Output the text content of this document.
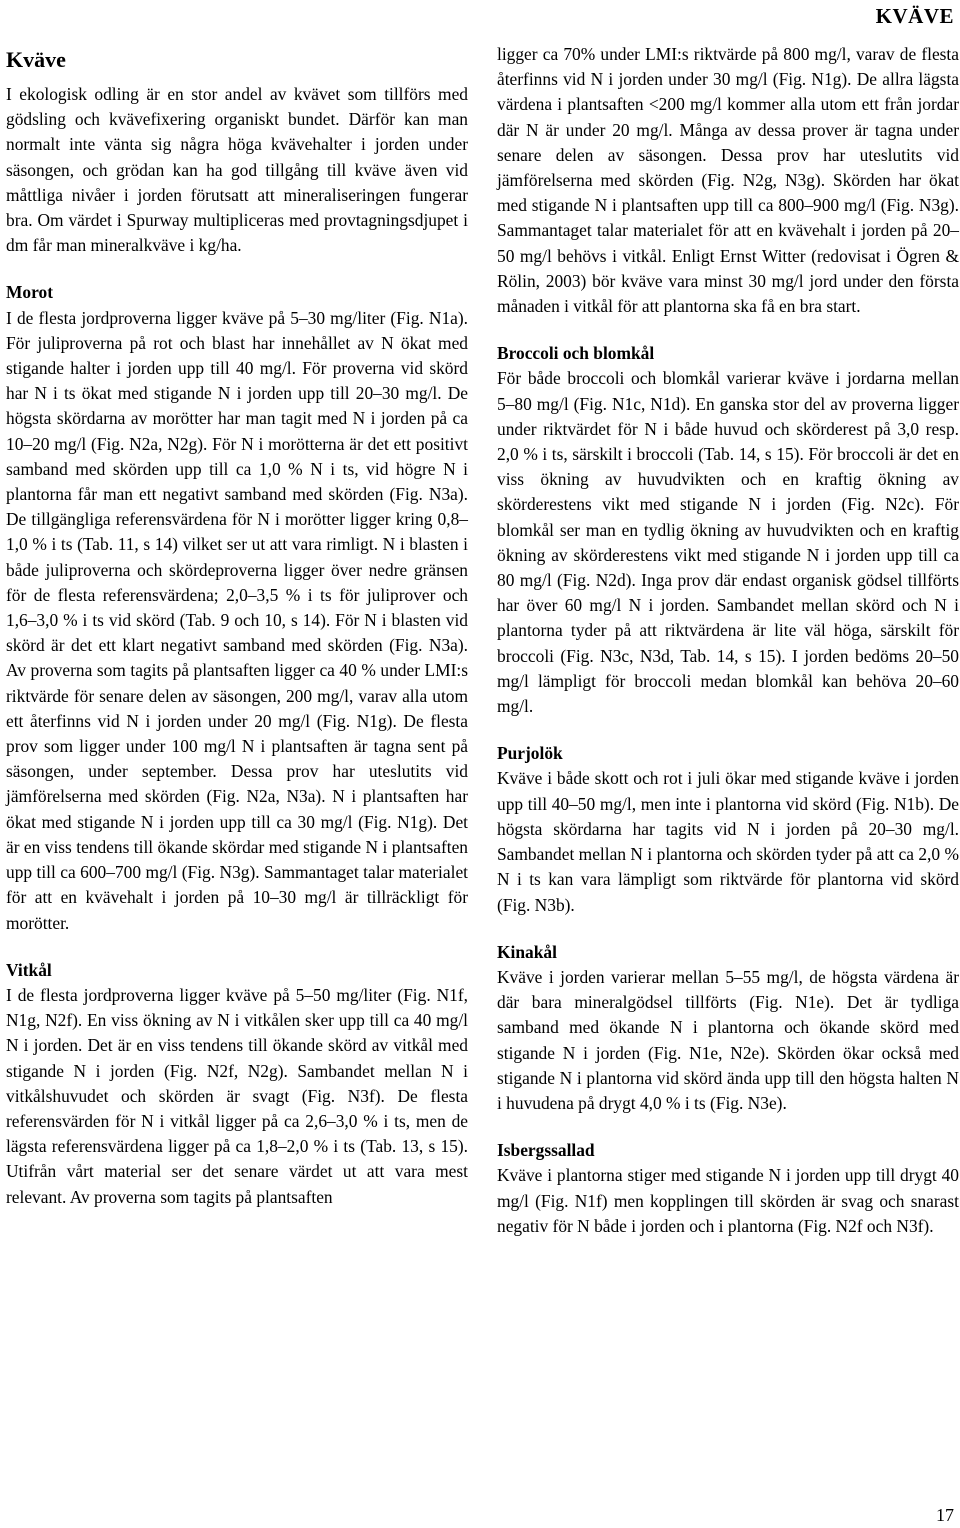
KVÄVE
Kväve

I ekologisk odling är en stor andel av kvävet som tillförs med gödsling och kvävefixering organiskt bundet. Därför kan man normalt inte vänta sig några höga kvävehalter i jorden under säsongen, och grödan kan ha god tillgång till kväve även vid måttliga nivåer i jorden förutsatt att mineraliseringen fungerar bra. Om värdet i Spurway multipliceras med provtagningsdjupet i dm får man mineralkväve i kg/ha.

Morot

I de flesta jordproverna ligger kväve på 5–30 mg/liter (Fig. N1a). För juliproverna på rot och blast har innehållet av N ökat med stigande halter i jorden upp till 40 mg/l. För proverna vid skörd har N i ts ökat med stigande N i jorden upp till 20–30 mg/l. De högsta skördarna av morötter har man tagit med N i jorden på ca 10–20 mg/l (Fig. N2a, N2g). För N i morötterna är det ett positivt samband med skörden upp till ca 1,0 % N i ts, vid högre N i plantorna får man ett negativt samband med skörden (Fig. N3a). De tillgängliga referensvärdena för N i morötter ligger kring 0,8–1,0 % i ts (Tab. 11, s 14) vilket ser ut att vara rimligt. N i blasten i både juliproverna och skördeproverna ligger över nedre gränsen för de flesta referensvärdena; 2,0–3,5 % i ts för juliprover och 1,6–3,0 % i ts vid skörd (Tab. 9 och 10, s 14). För N i blasten vid skörd är det ett klart negativt samband med skörden (Fig. N3a). Av proverna som tagits på plantsaften ligger ca 40 % under LMI:s riktvärde för senare delen av säsongen, 200 mg/l, varav alla utom ett återfinns vid N i jorden under 20 mg/l (Fig. N1g). De flesta prov som ligger under 100 mg/l N i plantsaften är tagna sent på säsongen, under september. Dessa prov har uteslutits vid jämförelserna med skörden (Fig. N2a, N3a). N i plantsaften har ökat med stigande N i jorden upp till ca 30 mg/l (Fig. N1g). Det är en viss tendens till ökande skördar med stigande N i plantsaften upp till ca 600–700 mg/l (Fig. N3g). Sammantaget talar materialet för att en kvävehalt i jorden på 10–30 mg/l är tillräckligt för morötter.

Vitkål

I de flesta jordproverna ligger kväve på 5–50 mg/liter (Fig. N1f, N1g, N2f). En viss ökning av N i vitkålen sker upp till ca 40 mg/l N i jorden. Det är en viss tendens till ökande skörd av vitkål med stigande N i jorden (Fig. N2f, N2g). Sambandet mellan N i vitkålshuvudet och skörden är svagt (Fig. N3f). De flesta referensvärden för N i vitkål ligger på ca 2,6–3,0 % i ts, men de lägsta referensvärdena ligger på ca 1,8–2,0 % i ts (Tab. 13, s 15). Utifrån vårt material ser det senare värdet ut att vara mest relevant. Av proverna som tagits på plantsaften

ligger ca 70% under LMI:s riktvärde på 800 mg/l, varav de flesta återfinns vid N i jorden under 30 mg/l (Fig. N1g). De allra lägsta värdena i plantsaften <200 mg/l kommer alla utom ett från jordar där N är under 20 mg/l. Många av dessa prover är tagna under senare delen av säsongen. Dessa prov har uteslutits vid jämförelserna med skörden (Fig. N2g, N3g). Skörden har ökat med stigande N i plantsaften upp till ca 800–900 mg/l (Fig. N3g). Sammantaget talar materialet för att en kvävehalt i jorden på 20–50 mg/l behövs i vitkål. Enligt Ernst Witter (redovisat i Ögren & Rölin, 2003) bör kväve vara minst 30 mg/l jord under den första månaden i vitkål för att plantorna ska få en bra start.

Broccoli och blomkål

För både broccoli och blomkål varierar kväve i jordarna mellan 5–80 mg/l (Fig. N1c, N1d). En ganska stor del av proverna ligger under riktvärdet för N i både huvud och skörderest på 3,0 resp. 2,0 % i ts, särskilt i broccoli (Tab. 14, s 15). För broccoli är det en viss ökning av huvudvikten och en kraftig ökning av skörderestens vikt med stigande N i jorden (Fig. N2c). För blomkål ser man en tydlig ökning av huvudvikten och en kraftig ökning av skörderestens vikt med stigande N i jorden upp till ca 80 mg/l (Fig. N2d). Inga prov där endast organisk gödsel tillförts har över 60 mg/l N i jorden. Sambandet mellan skörd och N i plantorna tyder på att riktvärdena är lite väl höga, särskilt för broccoli (Fig. N3c, N3d, Tab. 14, s 15). I jorden bedöms 20–50 mg/l lämpligt för broccoli medan blomkål kan behöva 20–60 mg/l.

Purjolök

Kväve i både skott och rot i juli ökar med stigande kväve i jorden upp till 40–50 mg/l, men inte i plantorna vid skörd (Fig. N1b). De högsta skördarna har tagits vid N i jorden på 20–30 mg/l. Sambandet mellan N i plantorna och skörden tyder på att ca 2,0 % N i ts kan vara lämpligt som riktvärde för plantorna vid skörd (Fig. N3b).

Kinakål

Kväve i jorden varierar mellan 5–55 mg/l, de högsta värdena är där bara mineralgödsel tillförts (Fig. N1e). Det är tydliga samband med ökande N i plantorna och ökande skörd med stigande N i jorden (Fig. N1e, N2e). Skörden ökar också med stigande N i plantorna vid skörd ända upp till den högsta halten N i huvudena på drygt 4,0 % i ts (Fig. N3e).

Isbergssallad

Kväve i plantorna stiger med stigande N i jorden upp till drygt 40 mg/l (Fig. N1f) men kopplingen till skörden är svag och snarast negativ för N både i jorden och i plantorna (Fig. N2f och N3f).

17
